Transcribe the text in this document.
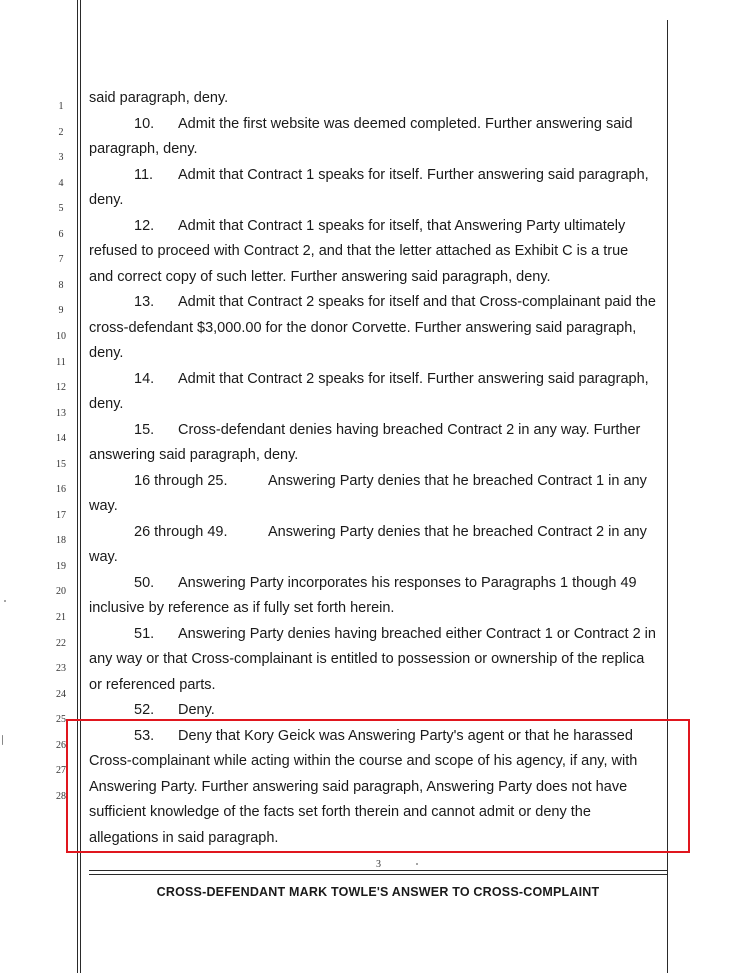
1
2
3
4
5
6
7
8
9
10
11
12
13
14
15
16
17
18
19
20
21
22
23
24
25
26
27
28
said paragraph, deny.
10. Admit the first website was deemed completed. Further answering said
paragraph, deny.
11. Admit that Contract 1 speaks for itself. Further answering said paragraph,
deny.
12. Admit that Contract 1 speaks for itself, that Answering Party ultimately
refused to proceed with Contract 2, and that the letter attached as Exhibit C is a true
and correct copy of such letter. Further answering said paragraph, deny.
13. Admit that Contract 2 speaks for itself and that Cross-complainant paid the
cross-defendant $3,000.00 for the donor Corvette. Further answering said paragraph,
deny.
14. Admit that Contract 2 speaks for itself. Further answering said paragraph,
deny.
15. Cross-defendant denies having breached Contract 2 in any way. Further
answering said paragraph, deny.
16 through 25.	Answering Party denies that he breached Contract 1 in any
way.
26 through 49.	Answering Party denies that he breached Contract 2 in any
way.
50. Answering Party incorporates his responses to Paragraphs 1 though 49
inclusive by reference as if fully set forth herein.
51. Answering Party denies having breached either Contract 1 or Contract 2 in
any way or that Cross-complainant is entitled to possession or ownership of the replica
or referenced parts.
52. Deny.
53. Deny that Kory Geick was Answering Party's agent or that he harassed
Cross-complainant while acting within the course and scope of his agency, if any, with
Answering Party. Further answering said paragraph, Answering Party does not have
sufficient knowledge of the facts set forth therein and cannot admit or deny the
allegations in said paragraph.
3
CROSS-DEFENDANT MARK TOWLE'S ANSWER TO CROSS-COMPLAINT
